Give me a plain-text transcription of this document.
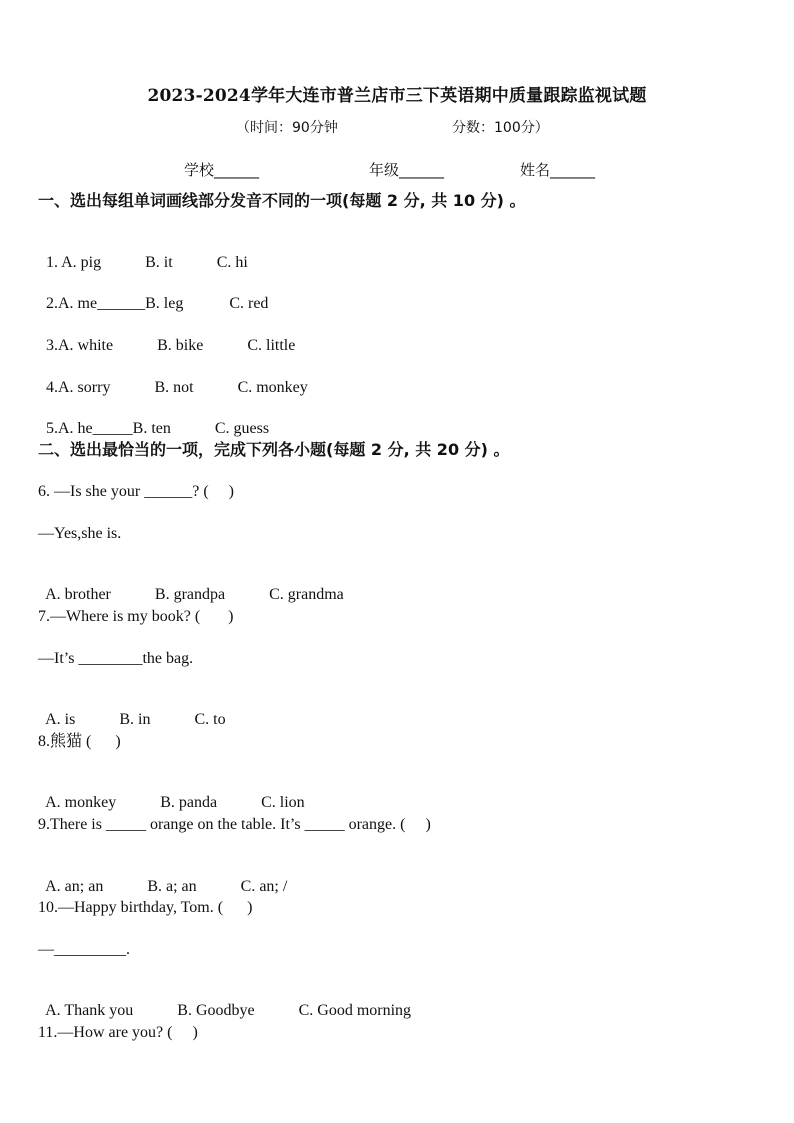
2023-2024学年大连市普兰店市三下英语期中质量跟踪监视试题
（时间：90分钟	分数：100分）
学校______	年级______	姓名______
一、选出每组单词画线部分发音不同的一项(每题 2 分, 共 10 分) 。

1. A. pig	B. it	C. hi

2.A. me______B. leg	C. red

3.A. white	B. bike	C. little

4.A. sorry	B. not	C. monkey

5.A. he_____B. ten	C. guess

二、选出最恰当的一项，完成下列各小题(每题 2 分, 共 20 分) 。
6. —Is she your ______? (     )
—Yes,she is.

A. brother	B. grandpa	C. grandma

7.—Where is my book? (       )
—It’s ________the bag.

A. is	B. in	C. to

8.熊猫 (      )

A. monkey	B. panda	C. lion

9.There is _____ orange on the table. It’s _____ orange. (     )

A. an; an	B. a; an	C. an; /

10.—Happy birthday, Tom. (      )
—_________.

A. Thank you	B. Goodbye	C. Good morning

11.—How are you? (     )
